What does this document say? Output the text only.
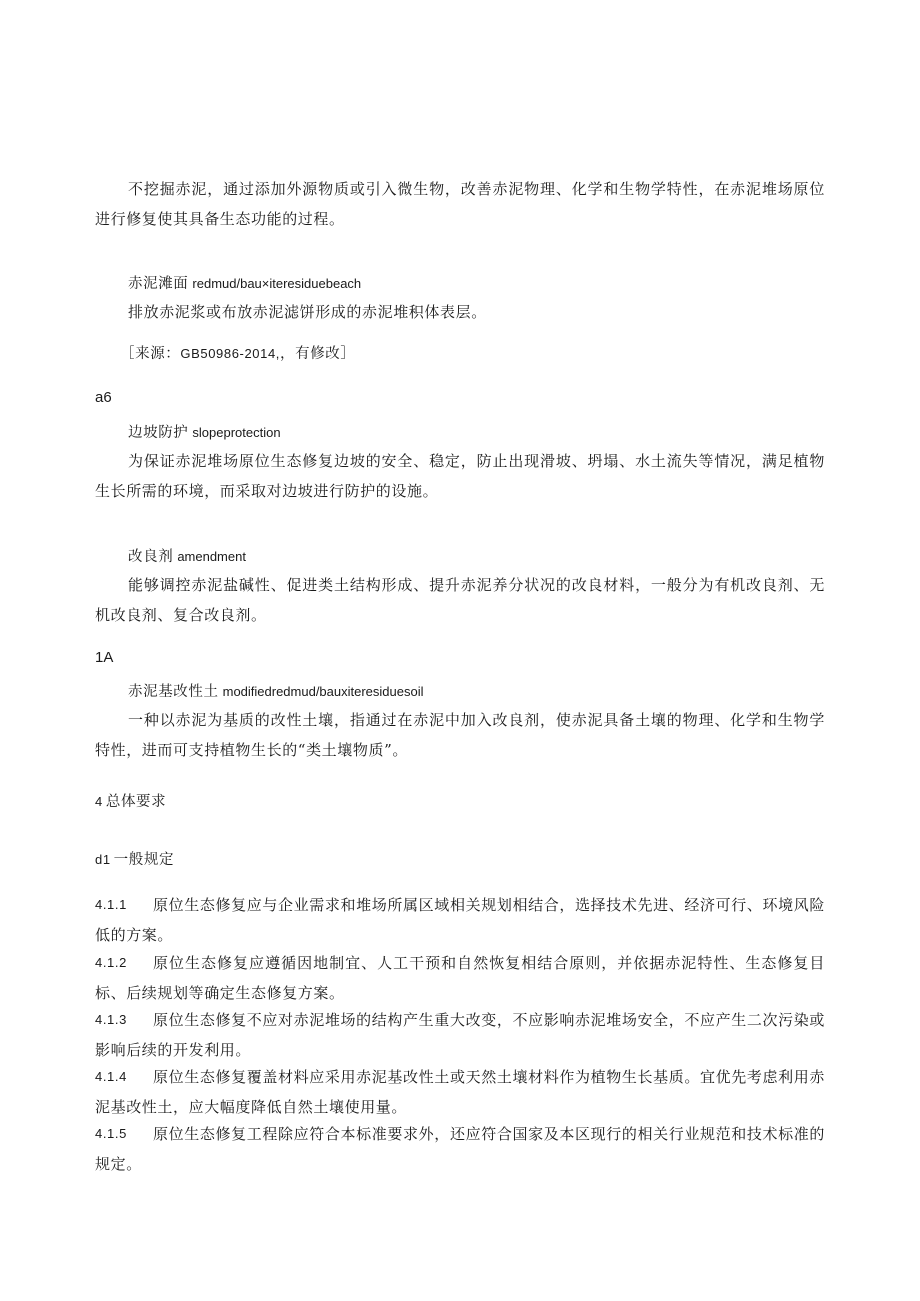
不挖掘赤泥，通过添加外源物质或引入微生物，改善赤泥物理、化学和生物学特性，在赤泥堆场原位进行修复使其具备生态功能的过程。
赤泥滩面 redmud/bau×iteresiduebeach
排放赤泥浆或布放赤泥滤饼形成的赤泥堆积体表层。
［来源：GB50986-2014,，有修改］
a6
边坡防护 slopeprotection
为保证赤泥堆场原位生态修复边坡的安全、稳定，防止出现滑坡、坍塌、水土流失等情况，满足植物生长所需的环境，而采取对边坡进行防护的设施。
改良剂 amendment
能够调控赤泥盐碱性、促进类土结构形成、提升赤泥养分状况的改良材料，一般分为有机改良剂、无机改良剂、复合改良剂。
1A
赤泥基改性土 modifiedredmud/bauxiteresiduesoil
一种以赤泥为基质的改性土壤，指通过在赤泥中加入改良剂，使赤泥具备土壤的物理、化学和生物学特性，进而可支持植物生长的“类土壤物质”。
4 总体要求
d1 一般规定
4.1.1	原位生态修复应与企业需求和堆场所属区域相关规划相结合，选择技术先进、经济可行、环境风险低的方案。
4.1.2	原位生态修复应遵循因地制宜、人工干预和自然恢复相结合原则，并依据赤泥特性、生态修复目标、后续规划等确定生态修复方案。
4.1.3	原位生态修复不应对赤泥堆场的结构产生重大改变，不应影响赤泥堆场安全，不应产生二次污染或影响后续的开发利用。
4.1.4	原位生态修复覆盖材料应采用赤泥基改性土或天然土壤材料作为植物生长基质。宜优先考虑利用赤泥基改性土，应大幅度降低自然土壤使用量。
4.1.5	原位生态修复工程除应符合本标准要求外，还应符合国家及本区现行的相关行业规范和技术标准的规定。
